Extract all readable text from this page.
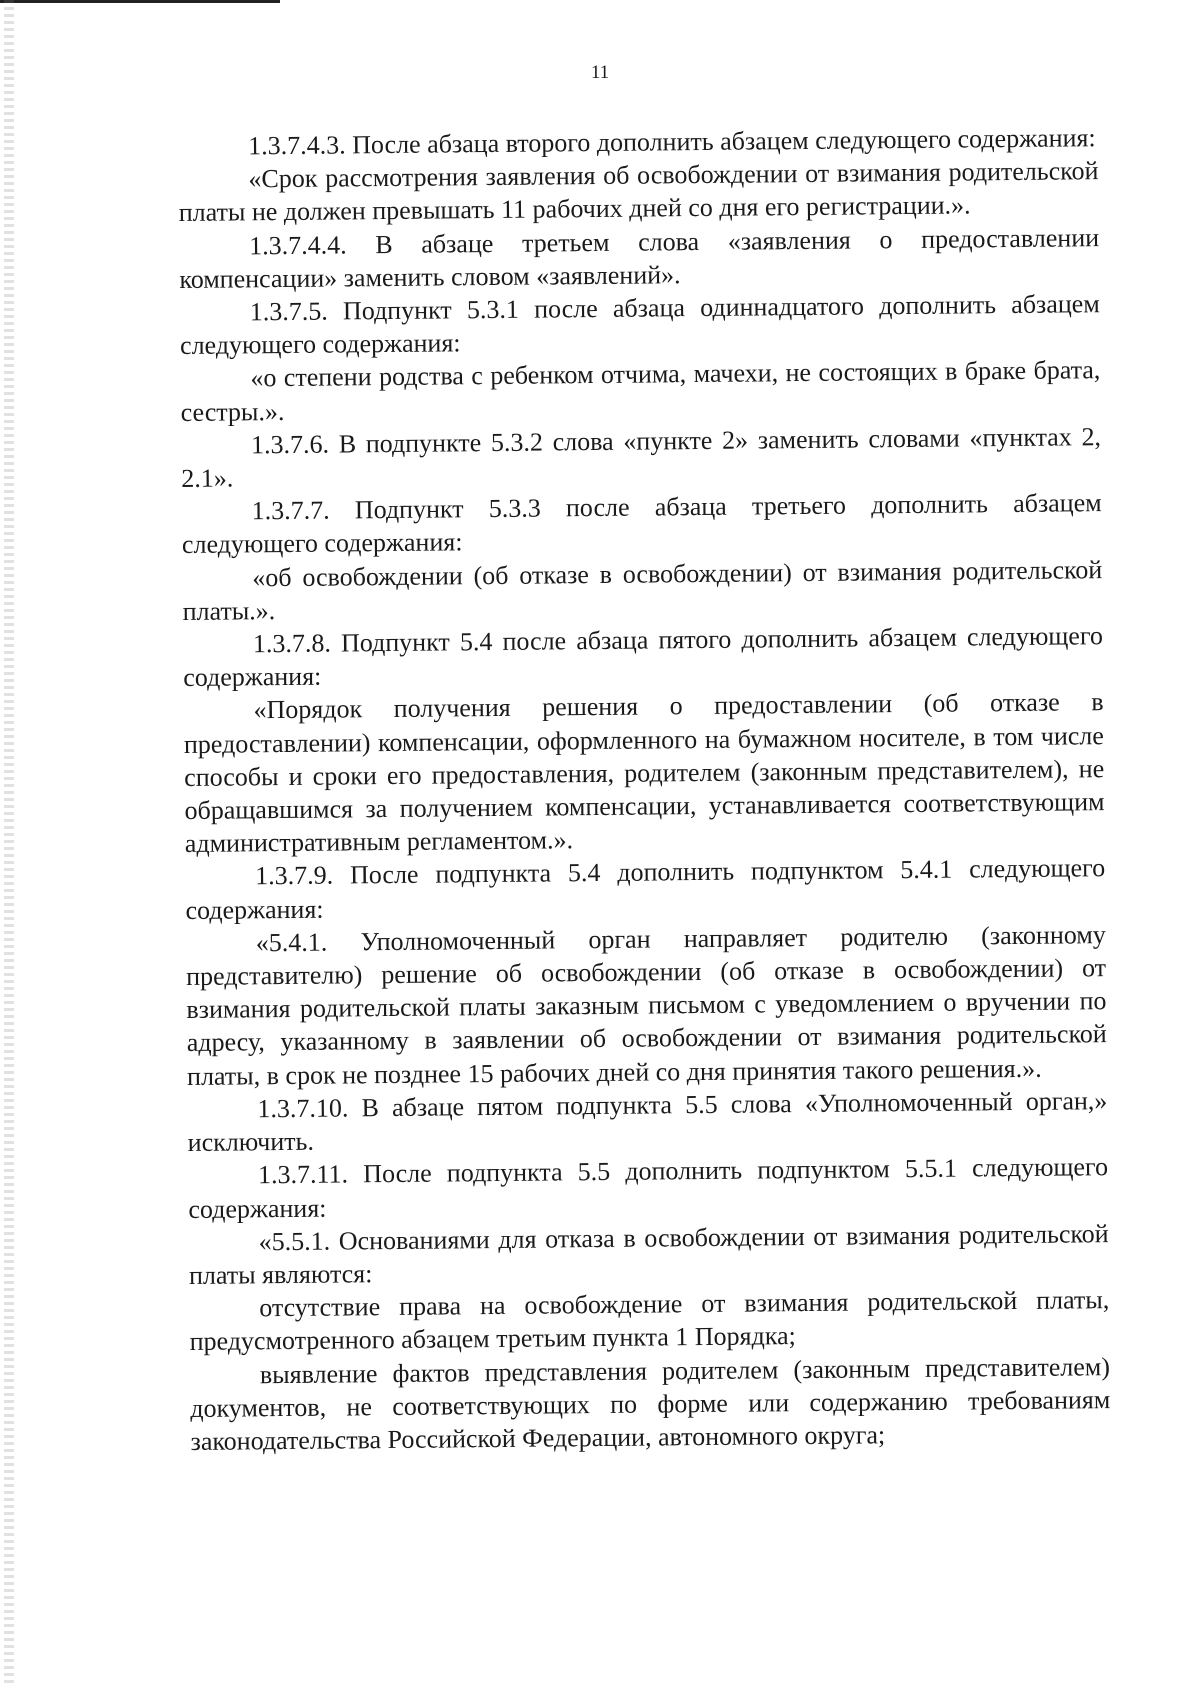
11

1.3.7.4.3. После абзаца второго дополнить абзацем следующего содержания:

«Срок рассмотрения заявления об освобождении от взимания родительской платы не должен превышать 11 рабочих дней со дня его регистрации.».

1.3.7.4.4. В абзаце третьем слова «заявления о предоставлении компенсации» заменить словом «заявлений».

1.3.7.5. Подпункт 5.3.1 после абзаца одиннадцатого дополнить абзацем следующего содержания:

«о степени родства с ребенком отчима, мачехи, не состоящих в браке брата, сестры.».

1.3.7.6. В подпункте 5.3.2 слова «пункте 2» заменить словами «пунктах 2, 2.1».

1.3.7.7. Подпункт 5.3.3 после абзаца третьего дополнить абзацем следующего содержания:

«об освобождении (об отказе в освобождении) от взимания родительской платы.».

1.3.7.8. Подпункт 5.4 после абзаца пятого дополнить абзацем следующего содержания:

«Порядок получения решения о предоставлении (об отказе в предоставлении) компенсации, оформленного на бумажном носителе, в том числе способы и сроки его предоставления, родителем (законным представителем), не обращавшимся за получением компенсации, устанавливается соответствующим административным регламентом.».

1.3.7.9. После подпункта 5.4 дополнить подпунктом 5.4.1 следующего содержания:

«5.4.1. Уполномоченный орган направляет родителю (законному представителю) решение об освобождении (об отказе в освобождении) от взимания родительской платы заказным письмом с уведомлением о вручении по адресу, указанному в заявлении об освобождении от взимания родительской платы, в срок не позднее 15 рабочих дней со дня принятия такого решения.».

1.3.7.10. В абзаце пятом подпункта 5.5 слова «Уполномоченный орган,» исключить.

1.3.7.11. После подпункта 5.5 дополнить подпунктом 5.5.1 следующего содержания:

«5.5.1. Основаниями для отказа в освобождении от взимания родительской платы являются:

отсутствие права на освобождение от взимания родительской платы, предусмотренного абзацем третьим пункта 1 Порядка;

выявление фактов представления родителем (законным представителем) документов, не соответствующих по форме или содержанию требованиям законодательства Российской Федерации, автономного округа;
